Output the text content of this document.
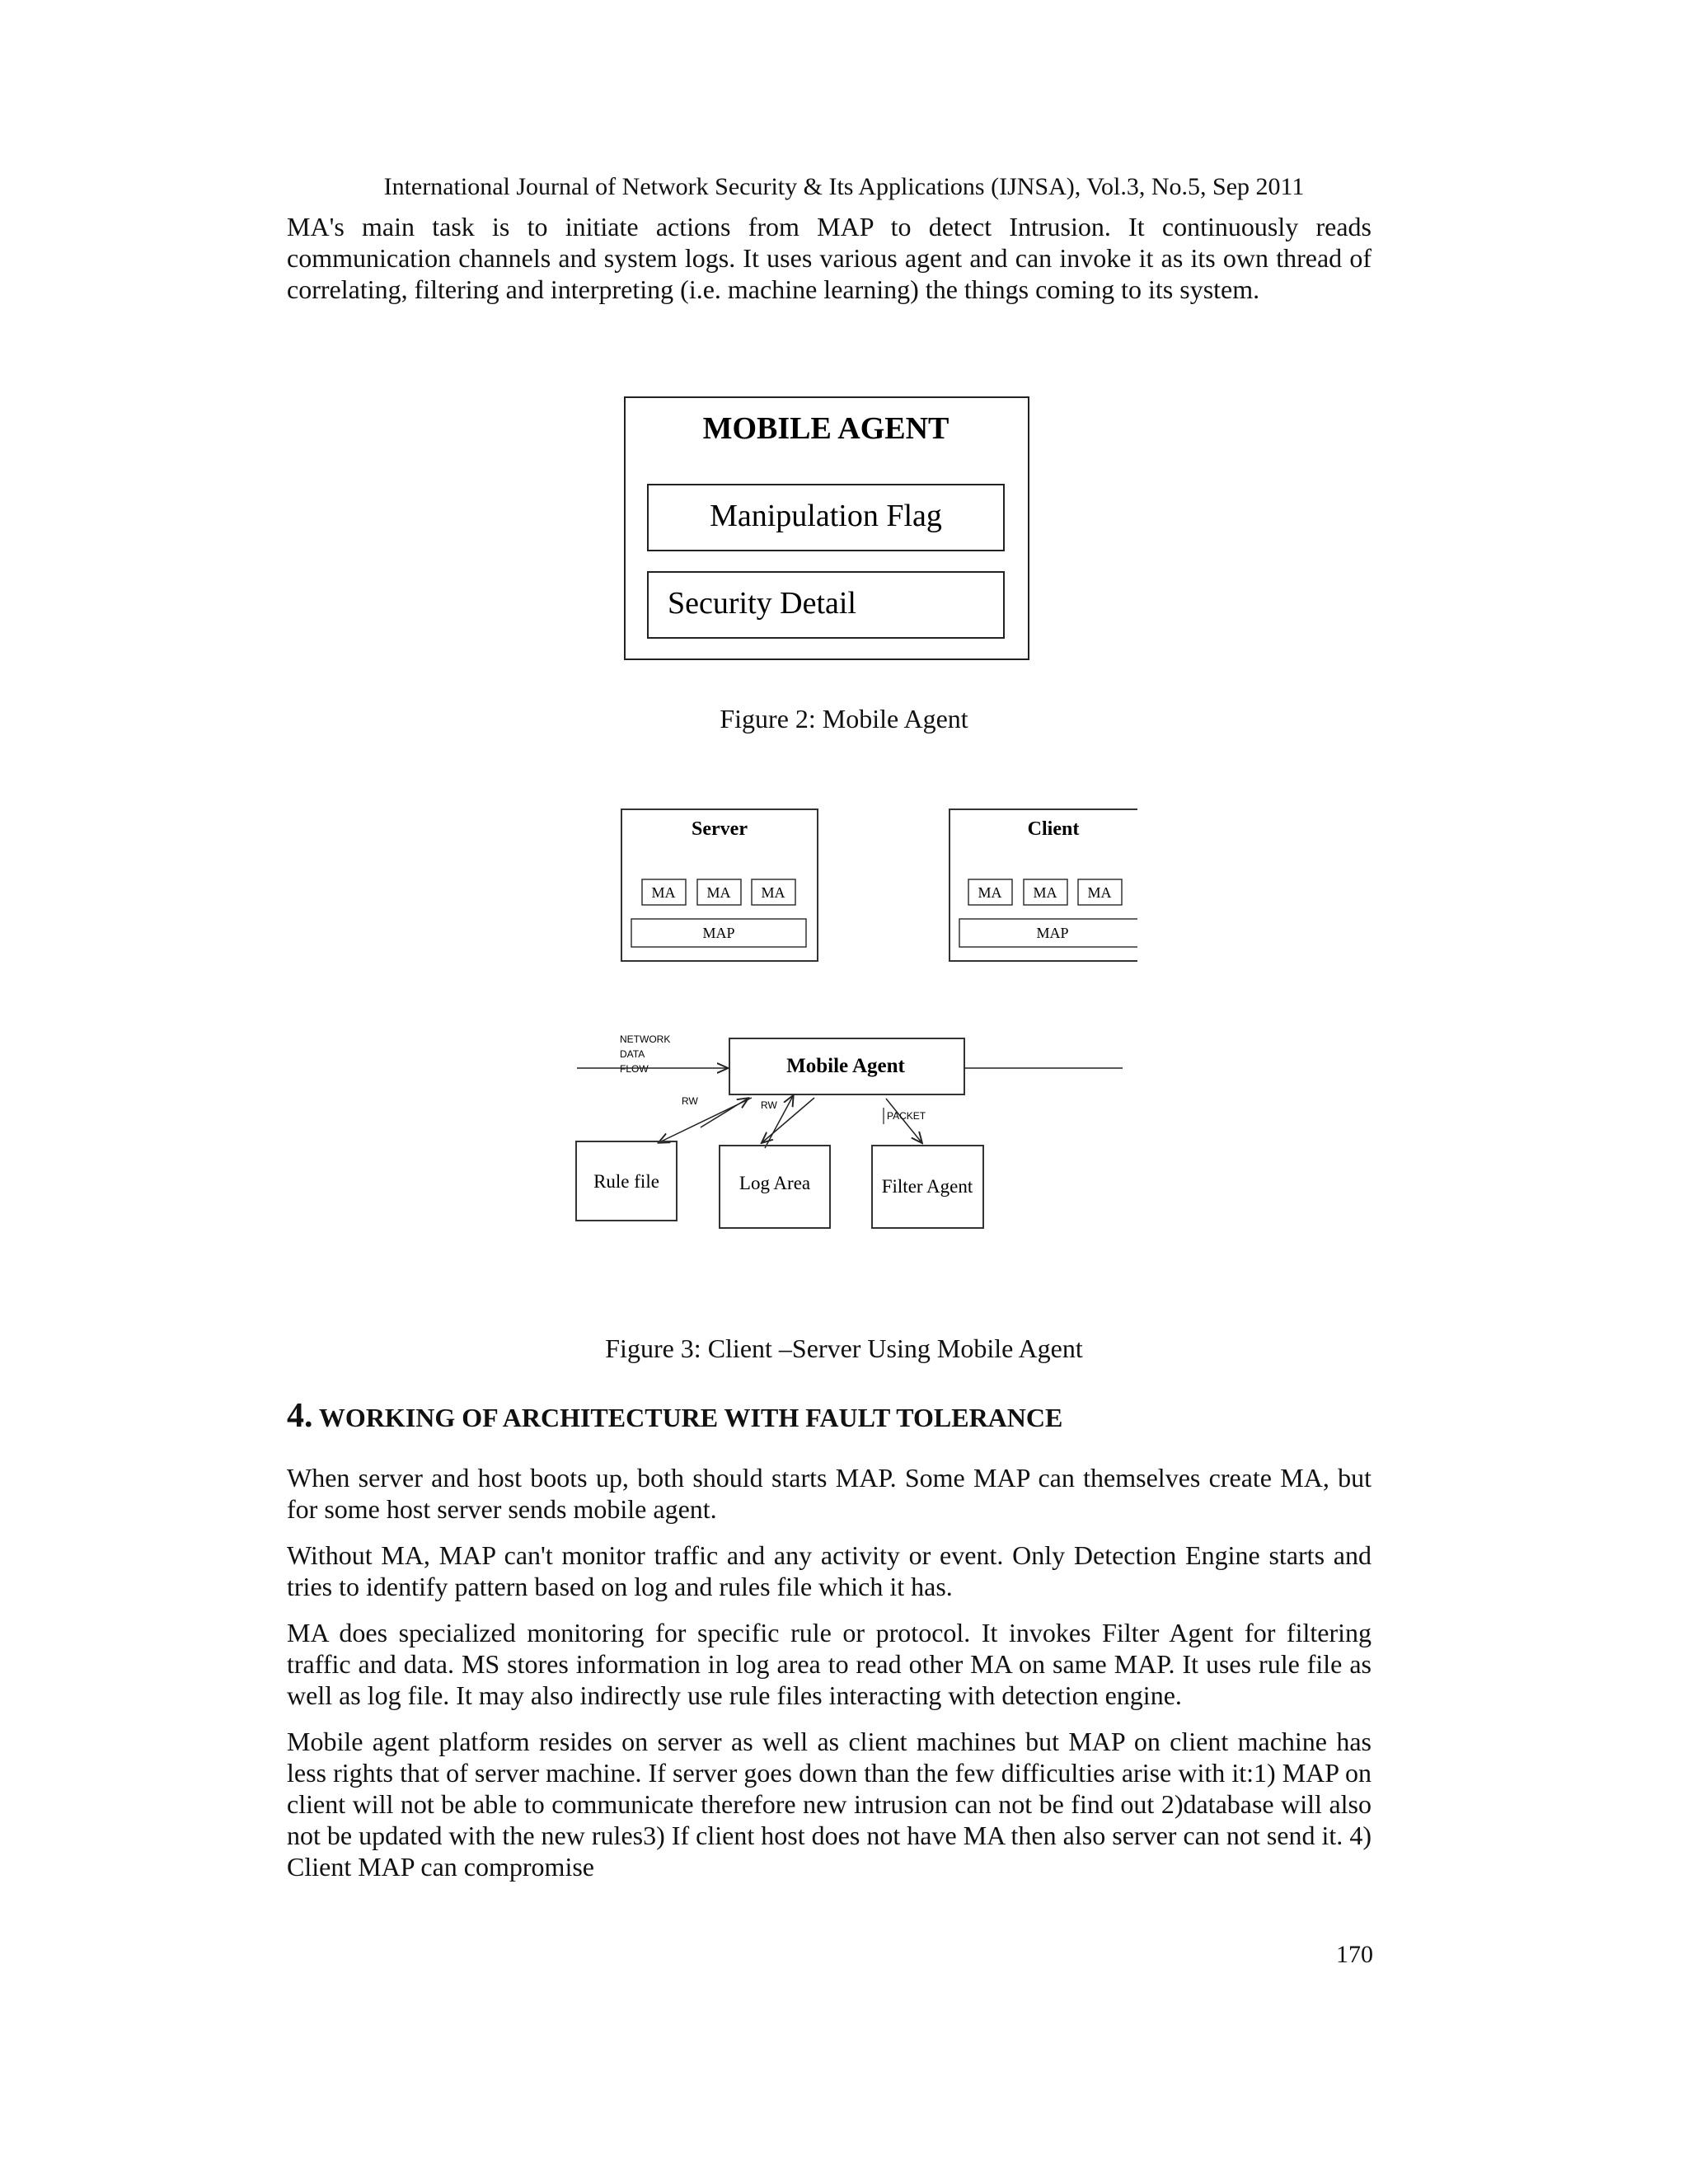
International Journal of Network Security & Its Applications (IJNSA), Vol.3, No.5, Sep 2011
MA's main task is to initiate actions from MAP to detect Intrusion. It continuously reads communication channels and system logs. It uses various agent and can invoke it as its own thread of correlating, filtering and interpreting (i.e. machine learning) the things coming to its system.
MOBILE AGENT
Manipulation Flag
Security Detail
Figure 2: Mobile Agent
Server
MA MA MA
MAP
Client
MA MA MA
MAP
NETWORK
DATA
FLOW	Mobile Agent
RW	RW
PACKET
Rule file	Log Area	Filter Agent
Figure 3: Client –Server Using Mobile Agent
4. WORKING OF ARCHITECTURE WITH FAULT TOLERANCE
When server and host boots up, both should starts MAP. Some MAP can themselves create MA, but for some host server sends mobile agent.
Without MA, MAP can't monitor traffic and any activity or event. Only Detection Engine starts and tries to identify pattern based on log and rules file which it has.
MA does specialized monitoring for specific rule or protocol. It invokes Filter Agent for filtering traffic and data. MS stores information in log area to read other MA on same MAP. It uses rule file as well as log file. It may also indirectly use rule files interacting with detection engine.
Mobile agent platform resides on server as well as client machines but MAP on client machine has less rights that of server machine. If server goes down than the few difficulties arise with it:1) MAP on client will not be able to communicate therefore new intrusion can not be find out 2)database will also not be updated with the new rules3) If client host does not have MA then also server can not send it. 4) Client MAP can compromise
170
